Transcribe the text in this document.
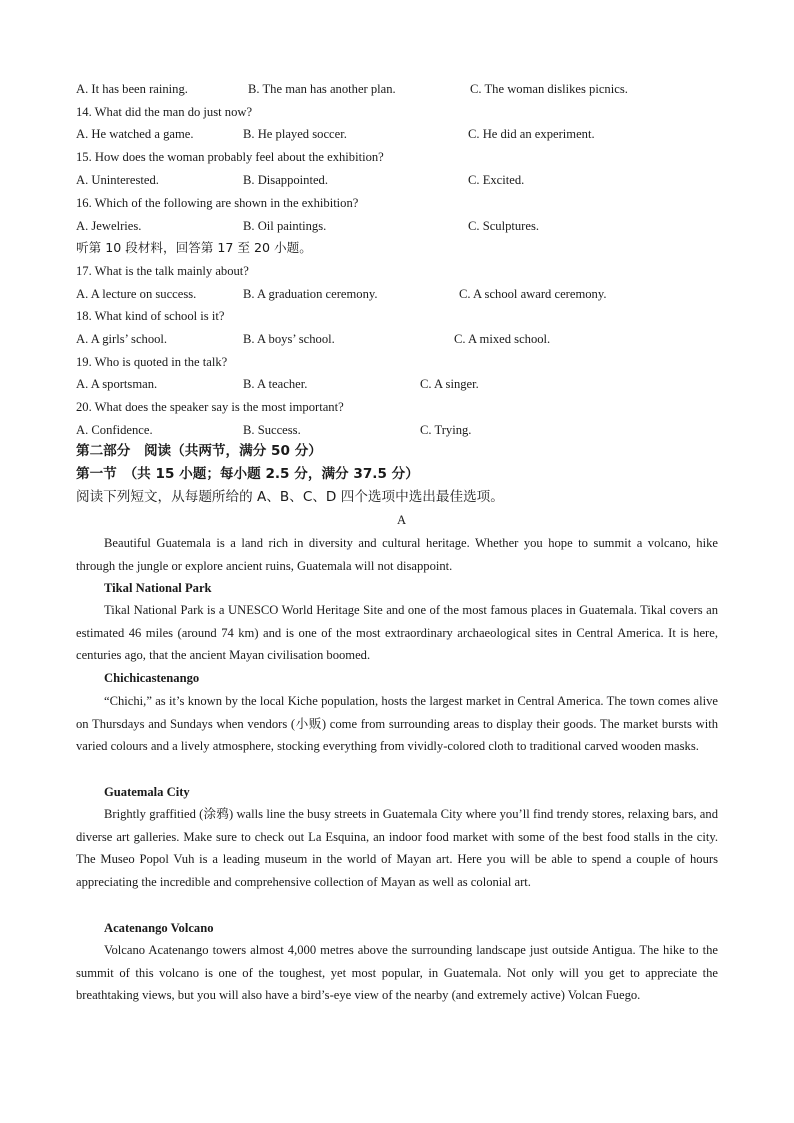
A. It has been raining.	B. The man has another plan.	C. The woman dislikes picnics.
14. What did the man do just now?
A. He watched a game.	B. He played soccer.	C. He did an experiment.
15. How does the woman probably feel about the exhibition?
A. Uninterested.	B. Disappointed.	C. Excited.
16. Which of the following are shown in the exhibition?
A. Jewelries.	B. Oil paintings.	C. Sculptures.
听第 10 段材料，回答第 17 至 20 小题。
17. What is the talk mainly about?
A. A lecture on success.	B. A graduation ceremony.	C. A school award ceremony.
18. What kind of school is it?
A. A girls’ school.	B. A boys’ school.	C. A mixed school.
19. Who is quoted in the talk?
A. A sportsman.	B. A teacher.	C. A singer.
20. What does the speaker say is the most important?
A. Confidence.	B. Success.	C. Trying.
第二部分　阅读（共两节，满分 50 分）
第一节　（共 15 小题；每小题 2.5 分，满分 37.5 分）
阅读下列短文，从每题所给的 A、B、C、D 四个选项中选出最佳选项。
A
Beautiful Guatemala is a land rich in diversity and cultural heritage. Whether you hope to summit a volcano, hike through the jungle or explore ancient ruins, Guatemala will not disappoint.
Tikal National Park
Tikal National Park is a UNESCO World Heritage Site and one of the most famous places in Guatemala. Tikal covers an estimated 46 miles (around 74 km) and is one of the most extraordinary archaeological sites in Central America. It is here, centuries ago, that the ancient Mayan civilisation boomed.
Chichicastenango
“Chichi,” as it’s known by the local Kiche population, hosts the largest market in Central America. The town comes alive on Thursdays and Sundays when vendors (小贩) come from surrounding areas to display their goods. The market bursts with varied colours and a lively atmosphere, stocking everything from vividly-colored cloth to traditional carved wooden masks.
Guatemala City
Brightly graffitied (涂鸦) walls line the busy streets in Guatemala City where you’ll find trendy stores, relaxing bars, and diverse art galleries. Make sure to check out La Esquina, an indoor food market with some of the best food stalls in the city. The Museo Popol Vuh is a leading museum in the world of Mayan art. Here you will be able to spend a couple of hours appreciating the incredible and comprehensive collection of Mayan as well as colonial art.
Acatenango Volcano
Volcano Acatenango towers almost 4,000 metres above the surrounding landscape just outside Antigua. The hike to the summit of this volcano is one of the toughest, yet most popular, in Guatemala. Not only will you get to appreciate the breathtaking views, but you will also have a bird’s-eye view of the nearby (and extremely active) Volcan Fuego.
